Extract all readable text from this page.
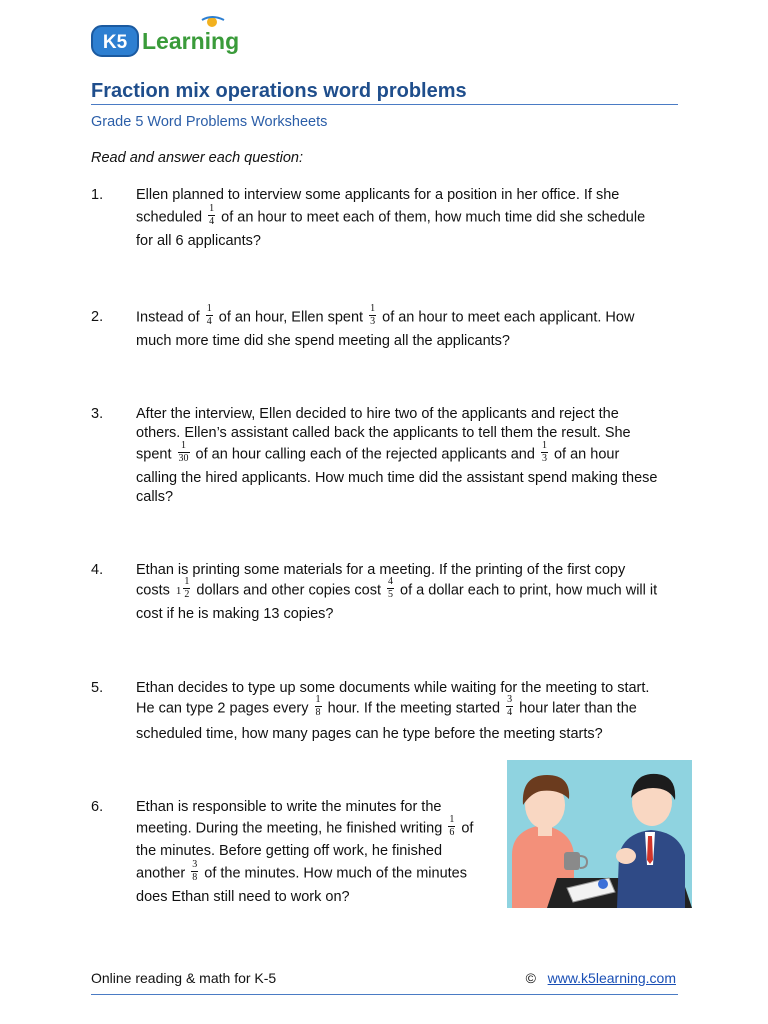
K5 Learning
Fraction mix operations word problems
Grade 5 Word Problems Worksheets
Read and answer each question:
1.	Ellen planned to interview some applicants for a position in her office. If she
scheduled $\frac{1}{4}$ of an hour to meet each of them, how much time did she schedule
for all 6 applicants?
2.	Instead of $\frac{1}{4}$ of an hour, Ellen spent $\frac{1}{3}$ of an hour to meet each applicant. How
much more time did she spend meeting all the applicants?
3.	After the interview, Ellen decided to hire two of the applicants and reject the
others. Ellen’s assistant called back the applicants to tell them the result. She
spent $\frac{1}{30}$ of an hour calling each of the rejected applicants and $\frac{1}{3}$ of an hour
calling the hired applicants. How much time did the assistant spend making these
calls?
4.	Ethan is printing some materials for a meeting. If the printing of the first copy
costs $1 \frac{1}{2}$ dollars and other copies cost $\frac{4}{5}$ of a dollar each to print, how much will it
cost if he is making 13 copies?
5.	Ethan decides to type up some documents while waiting for the meeting to start.
He can type 2 pages every $\frac{1}{8}$ hour. If the meeting started $\frac{3}{4}$ hour later than the
scheduled time, how many pages can he type before the meeting starts?
6.	Ethan is responsible to write the minutes for the
meeting. During the meeting, he finished writing $\frac{1}{6}$ of
the minutes. Before getting off work, he finished
another $\frac{3}{8}$ of the minutes. How much of the minutes
does Ethan still need to work on?
Online reading & math for K-5	© www.k5learning.com
